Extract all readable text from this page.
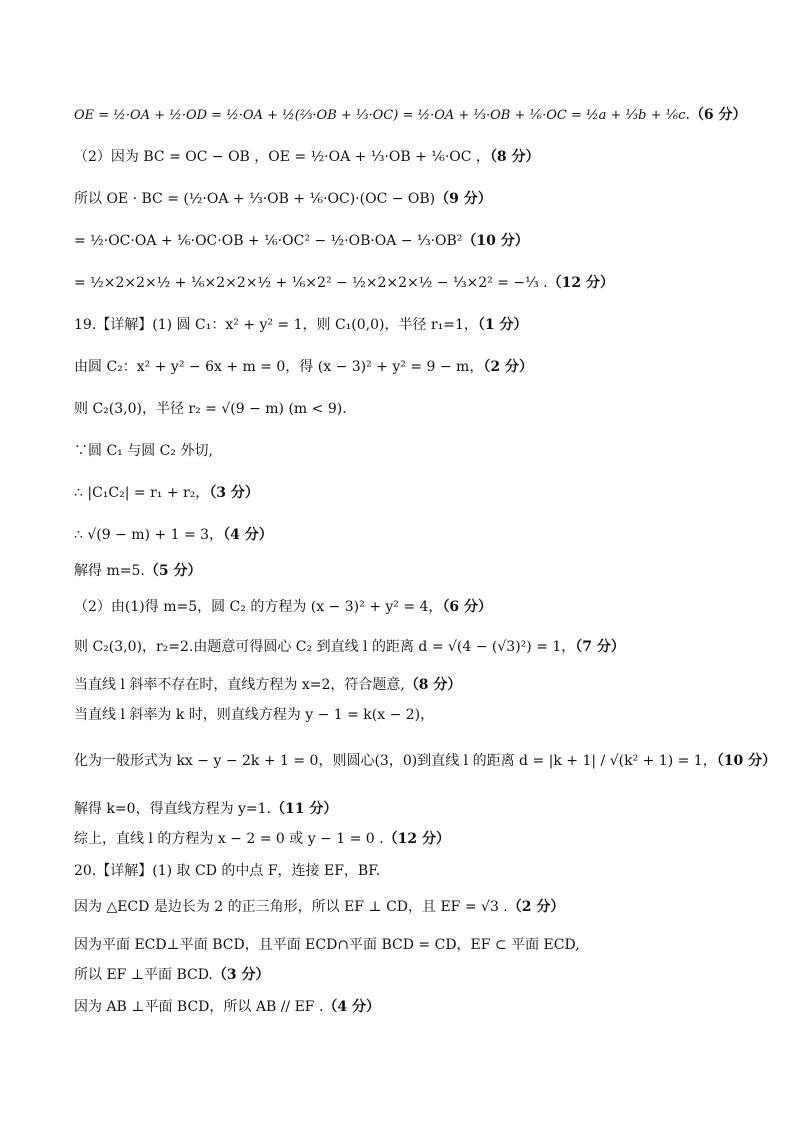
OE = ½·OA + ½·OD = ½·OA + ½(⅔·OB + ⅓·OC) = ½·OA + ⅓·OB + ⅙·OC = ½a + ⅓b + ⅙c.（6 分）
（2）因为 BC = OC − OB ，OE = ½·OA + ⅓·OB + ⅙·OC ，（8 分）
所以 OE · BC = (½·OA + ⅓·OB + ⅙·OC)·(OC − OB)（9 分）
= ½·OC·OA + ⅙·OC·OB + ⅙·OC² − ½·OB·OA − ⅓·OB²（10 分）
= ½×2×2×½ + ⅙×2×2×½ + ⅙×2² − ½×2×2×½ − ⅓×2² = −⅓ .（12 分）
19.【详解】(1) 圆 C₁：x² + y² = 1，则 C₁(0,0)，半径 r₁=1，（1 分）
由圆 C₂：x² + y² − 6x + m = 0，得 (x − 3)² + y² = 9 − m，（2 分）
则 C₂(3,0)，半径 r₂ = √(9 − m) (m < 9).
∵圆 C₁ 与圆 C₂ 外切,
∴ |C₁C₂| = r₁ + r₂，（3 分）
∴ √(9 − m) + 1 = 3，（4 分）
解得 m=5.（5 分）
（2）由(1)得 m=5，圆 C₂ 的方程为 (x − 3)² + y² = 4，（6 分）
则 C₂(3,0)，r₂=2.由题意可得圆心 C₂ 到直线 l 的距离 d = √(4 − (√3)²) = 1，（7 分）
当直线 l 斜率不存在时，直线方程为 x=2，符合题意,（8 分）
当直线 l 斜率为 k 时，则直线方程为 y − 1 = k(x − 2)，
化为一般形式为 kx − y − 2k + 1 = 0，则圆心(3，0)到直线 l 的距离 d = |k + 1| / √(k² + 1) = 1，（10 分）
解得 k=0，得直线方程为 y=1.（11 分）
综上，直线 l 的方程为 x − 2 = 0 或 y − 1 = 0 .（12 分）
20.【详解】(1) 取 CD 的中点 F，连接 EF，BF.
因为 △ECD 是边长为 2 的正三角形，所以 EF ⊥ CD，且 EF = √3 .（2 分）
因为平面 ECD⊥平面 BCD，且平面 ECD∩平面 BCD = CD，EF ⊂ 平面 ECD,
所以 EF ⊥平面 BCD.（3 分）
因为 AB ⊥平面 BCD，所以 AB // EF .（4 分）
